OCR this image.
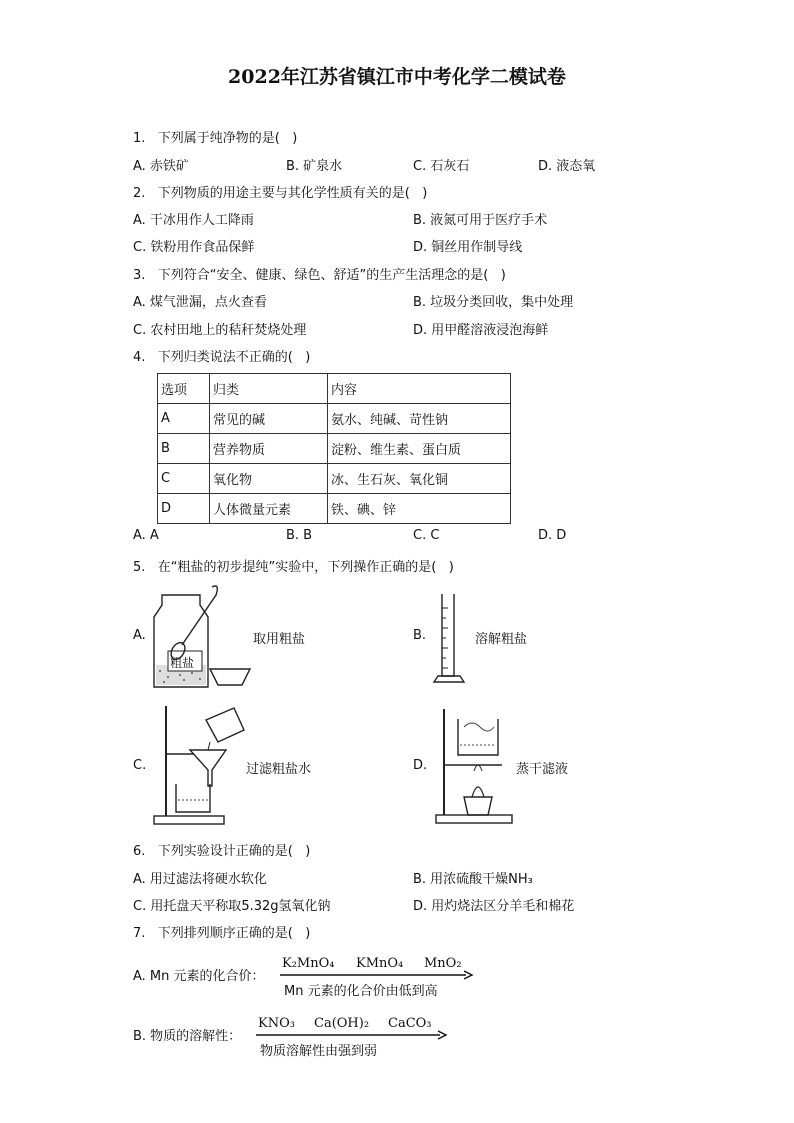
2022年江苏省镇江市中考化学二模试卷
1.   下列属于纯净物的是(   )
A. 赤铁矿	B. 矿泉水	C. 石灰石	D. 液态氧
2.   下列物质的用途主要与其化学性质有关的是(   )
A. 干冰用作人工降雨	B. 液氮可用于医疗手术
C. 铁粉用作食品保鲜	D. 铜丝用作制导线
3.   下列符合“安全、健康、绿色、舒适”的生产生活理念的是(   )
A. 煤气泄漏，点火查看	B. 垃圾分类回收，集中处理
C. 农村田地上的秸秆焚烧处理	D. 用甲醛溶液浸泡海鲜
4.   下列归类说法不正确的(   )
选项	归类	内容
A	常见的碱	氨水、纯碱、苛性钠
B	营养物质	淀粉、维生素、蛋白质
C	氧化物	冰、生石灰、氧化铜
D	人体微量元素	铁、碘、锌
A. A	B. B	C. C	D. D
5.   在“粗盐的初步提纯”实验中，下列操作正确的是(   )
A.
粗盐
取用粗盐	B.	溶解粗盐
C.	过滤粗盐水	D.	蒸干滤液
6.   下列实验设计正确的是(   )
A. 用过滤法将硬水软化	B. 用浓硫酸干燥NH₃
C. 用托盘天平称取5.32g氢氧化钠	D. 用灼烧法区分羊毛和棉花
7.   下列排列顺序正确的是(   )
A. Mn 元素的化合价：
K₂MnO₄ KMnO₄ MnO₂
Mn 元素的化合价由低到高
B. 物质的溶解性：
KNO₃ Ca(OH)₂ CaCO₃
物质溶解性由强到弱
